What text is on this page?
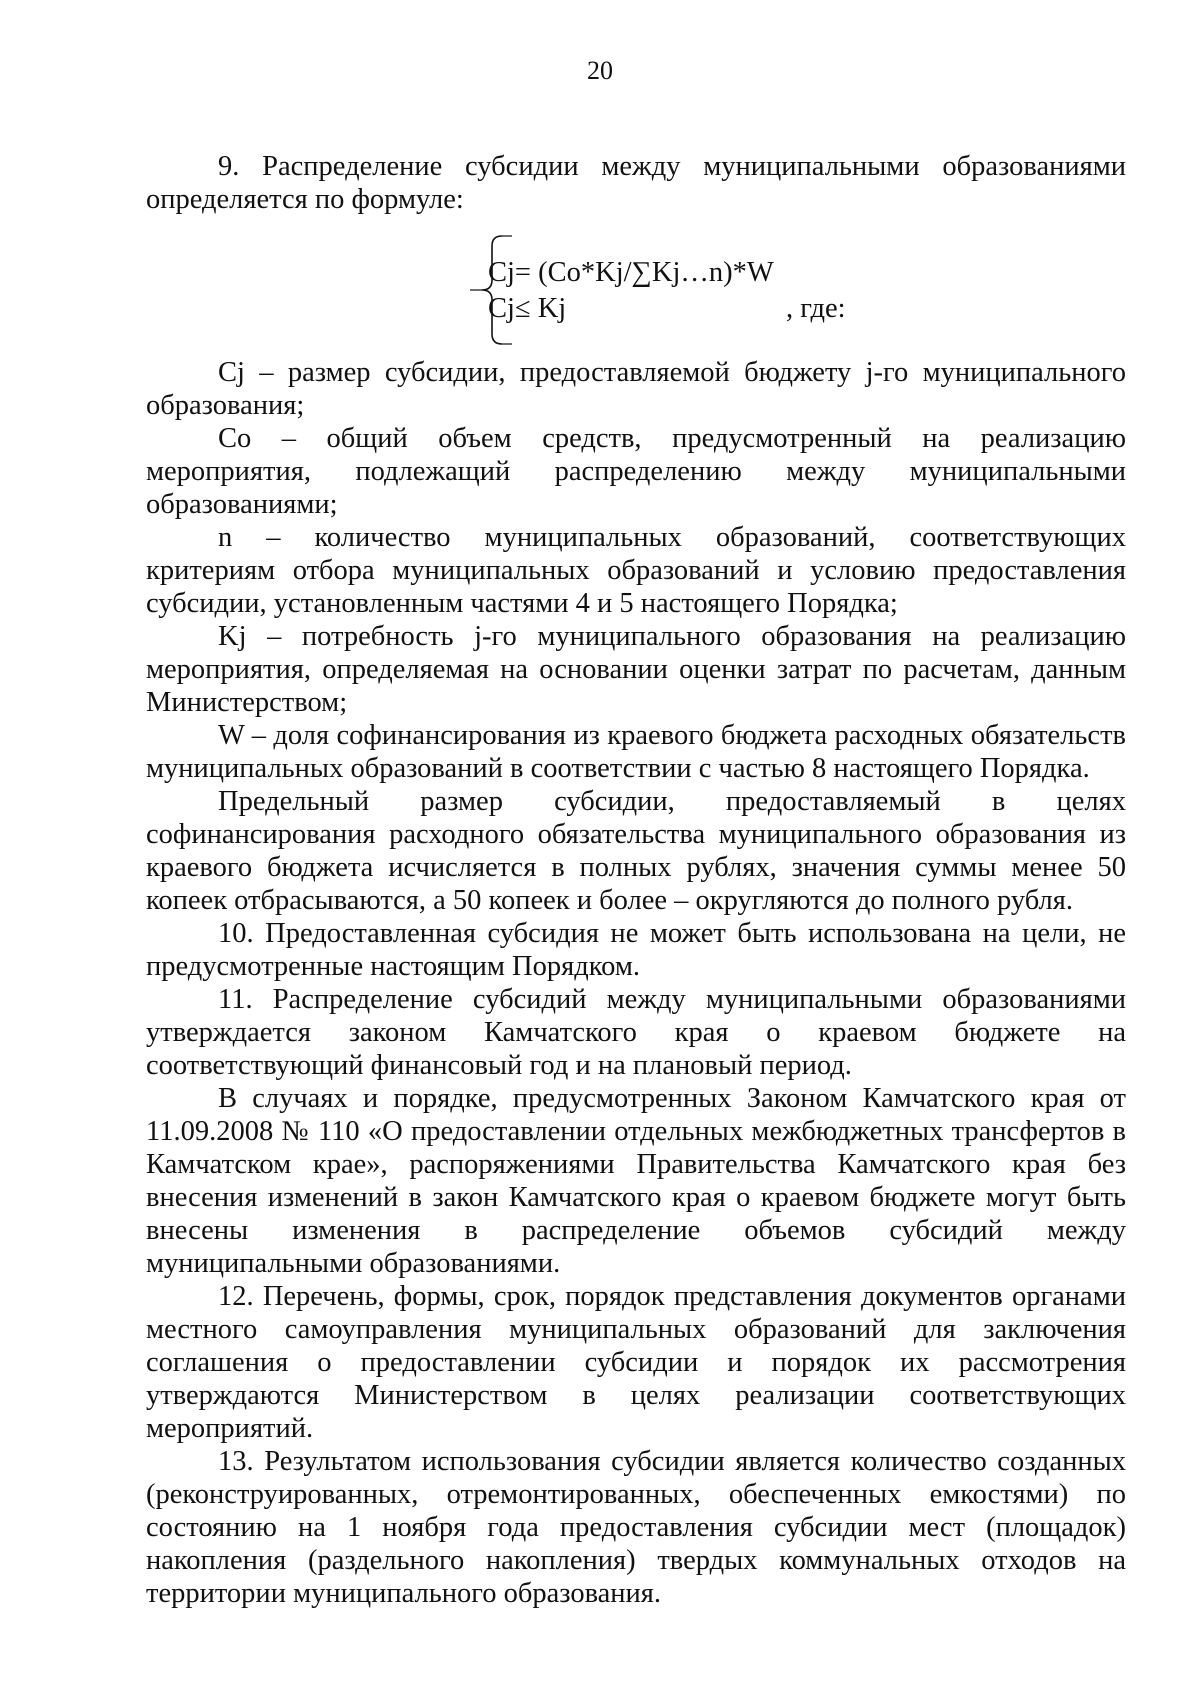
20

9. Распределение субсидии между муниципальными образованиями определяется по формуле:

Cj= (Co*Kj/∑Kj…n)*W
Cj≤ Kj	, где:

Cj – размер субсидии, предоставляемой бюджету j-го муниципального образования;

Co – общий объем средств, предусмотренный на реализацию мероприятия, подлежащий распределению между муниципальными образованиями;

n – количество муниципальных образований, соответствующих критериям отбора муниципальных образований и условию предоставления субсидии, установленным частями 4 и 5 настоящего Порядка;

Kj – потребность j-го муниципального образования на реализацию мероприятия, определяемая на основании оценки затрат по расчетам, данным Министерством;

W – доля софинансирования из краевого бюджета расходных обязательств муниципальных образований в соответствии с частью 8 настоящего Порядка.

Предельный размер субсидии, предоставляемый в целях софинансирования расходного обязательства муниципального образования из краевого бюджета исчисляется в полных рублях, значения суммы менее 50 копеек отбрасываются, а 50 копеек и более – округляются до полного рубля.

10. Предоставленная субсидия не может быть использована на цели, не предусмотренные настоящим Порядком.

11. Распределение субсидий между муниципальными образованиями утверждается законом Камчатского края о краевом бюджете на соответствующий финансовый год и на плановый период.

В случаях и порядке, предусмотренных Законом Камчатского края от 11.09.2008 № 110 «О предоставлении отдельных межбюджетных трансфертов в Камчатском крае», распоряжениями Правительства Камчатского края без внесения изменений в закон Камчатского края о краевом бюджете могут быть внесены изменения в распределение объемов субсидий между муниципальными образованиями.

12. Перечень, формы, срок, порядок представления документов органами местного самоуправления муниципальных образований для заключения соглашения о предоставлении субсидии и порядок их рассмотрения утверждаются Министерством в целях реализации соответствующих мероприятий.

13. Результатом использования субсидии является количество созданных (реконструированных, отремонтированных, обеспеченных емкостями) по состоянию на 1 ноября года предоставления субсидии мест (площадок) накопления (раздельного накопления) твердых коммунальных отходов на территории муниципального образования.
